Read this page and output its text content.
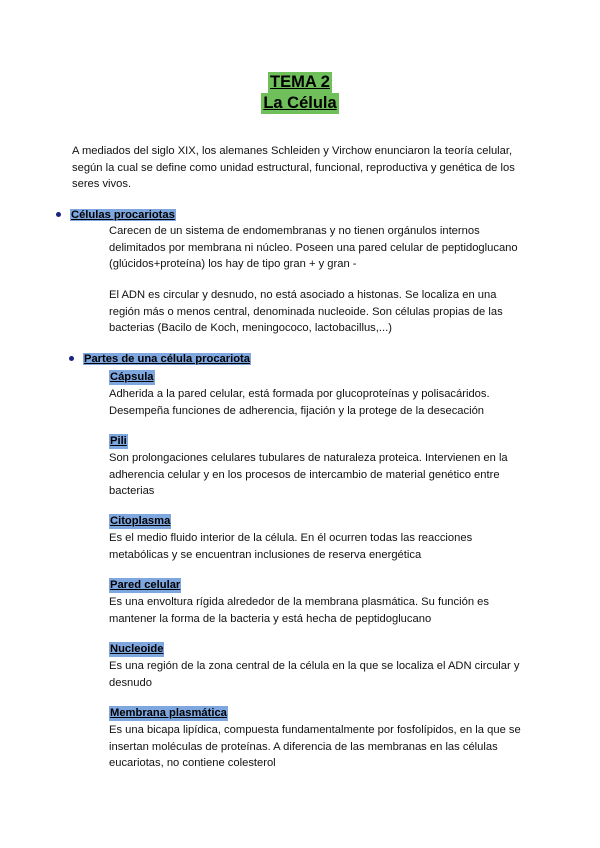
TEMA 2
La Célula
A mediados del siglo XIX, los alemanes Schleiden y Virchow enunciaron la teoría celular, según la cual se define como unidad estructural, funcional, reproductiva y genética de los seres vivos.
Células procariotas
Carecen de un sistema de endomembranas y no tienen orgánulos internos delimitados por membrana ni núcleo. Poseen una pared celular de peptidoglucano (glúcidos+proteína) los hay de tipo gran + y gran -
El ADN es circular y desnudo, no está asociado a histonas. Se localiza en una región más o menos central, denominada nucleoide. Son células propias de las bacterias (Bacilo de Koch, meningococo, lactobacillus,...)
Partes de una célula procariota
Cápsula
Adherida a la pared celular, está formada por glucoproteínas y polisacáridos. Desempeña funciones de adherencia, fijación y la protege de la desecación
Pili
Son prolongaciones celulares tubulares de naturaleza proteica. Intervienen en la adherencia celular y en los procesos de intercambio de material genético entre bacterias
Citoplasma
Es el medio fluido interior de la célula. En él ocurren todas las reacciones metabólicas y se encuentran inclusiones de reserva energética
Pared celular
Es una envoltura rígida alrededor de la membrana plasmática. Su función es mantener la forma de la bacteria y está hecha de peptidoglucano
Nucleoide
Es una región de la zona central de la célula en la que se localiza el ADN circular y desnudo
Membrana plasmática
Es una bicapa lipídica, compuesta fundamentalmente por fosfolípidos, en la que se insertan moléculas de proteínas. A diferencia de las membranas en las células eucariotas, no contiene colesterol
